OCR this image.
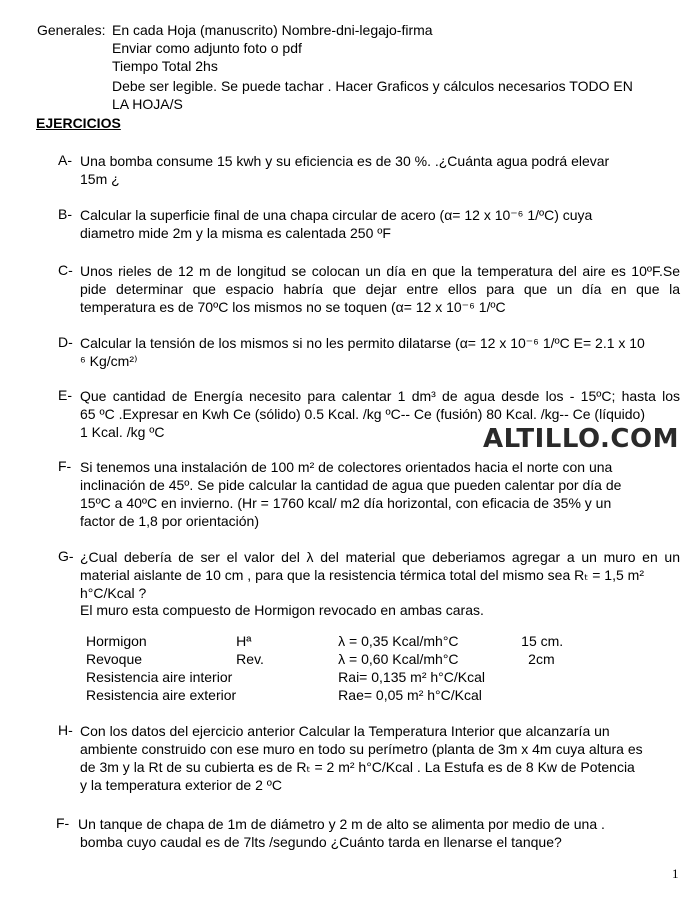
Generales: En cada Hoja (manuscrito) Nombre-dni-legajo-firma
Enviar como adjunto foto o pdf
Tiempo Total 2hs
Debe ser legible. Se puede tachar . Hacer Graficos y cálculos necesarios TODO EN
LA HOJA/S
EJERCICIOS
A- Una bomba consume 15 kwh y su eficiencia es de 30 %. .¿Cuánta agua podrá elevar
15m ¿
B- Calcular la superficie final de una chapa circular de acero (α= 12 x 10⁻⁶ 1/ºC) cuya
diametro mide 2m y la misma es calentada 250 ºF
C- Unos rieles de 12 m de longitud se colocan un día en que la temperatura del aire es 10ºF.Se
pide determinar que espacio habría que dejar entre ellos para que un día en que la
temperatura es de 70ºC los mismos no se toquen (α= 12 x 10⁻⁶ 1/ºC
D- Calcular la tensión de los mismos si no les permito dilatarse (α= 12 x 10⁻⁶ 1/ºC E= 2.1 x 10
⁶ Kg/cm²⁾
E- Que cantidad de Energía necesito para calentar 1 dm³ de agua desde los - 15ºC; hasta los
65 ºC .Expresar en Kwh Ce (sólido) 0.5 Kcal. /kg ºC-- Ce (fusión) 80 Kcal. /kg-- Ce (líquido)
1 Kcal. /kg ºC	ALTILLO.COM
F- Si tenemos una instalación de 100 m² de colectores orientados hacia el norte con una
inclinación de 45º. Se pide calcular la cantidad de agua que pueden calentar por día de
15ºC a 40ºC en invierno. (Hr = 1760 kcal/ m2 día horizontal, con eficacia de 35% y un
factor de 1,8 por orientación)
G- ¿Cual debería de ser el valor del λ del material que deberiamos agregar a un muro en un
material aislante de 10 cm , para que la resistencia térmica total del mismo sea Rₜ = 1,5 m²
h°C/Kcal ?
El muro esta compuesto de Hormigon revocado en ambas caras.
Hormigon	Hª	λ = 0,35 Kcal/mh°C	15 cm.
Revoque	Rev.	λ = 0,60 Kcal/mh°C	2cm
Resistencia aire interior		Rai= 0,135 m² h°C/Kcal	
Resistencia aire exterior		Rae= 0,05 m² h°C/Kcal	
H- Con los datos del ejercicio anterior Calcular la Temperatura Interior que alcanzaría un
ambiente construido con ese muro en todo su perímetro (planta de 3m x 4m cuya altura es
de 3m y la Rt de su cubierta es de Rₜ = 2 m² h°C/Kcal . La Estufa es de 8 Kw de Potencia
y la temperatura exterior de 2 ºC
F- Un tanque de chapa de 1m de diámetro y 2 m de alto se alimenta por medio de una .
bomba cuyo caudal es de 7lts /segundo ¿Cuánto tarda en llenarse el tanque?
1
